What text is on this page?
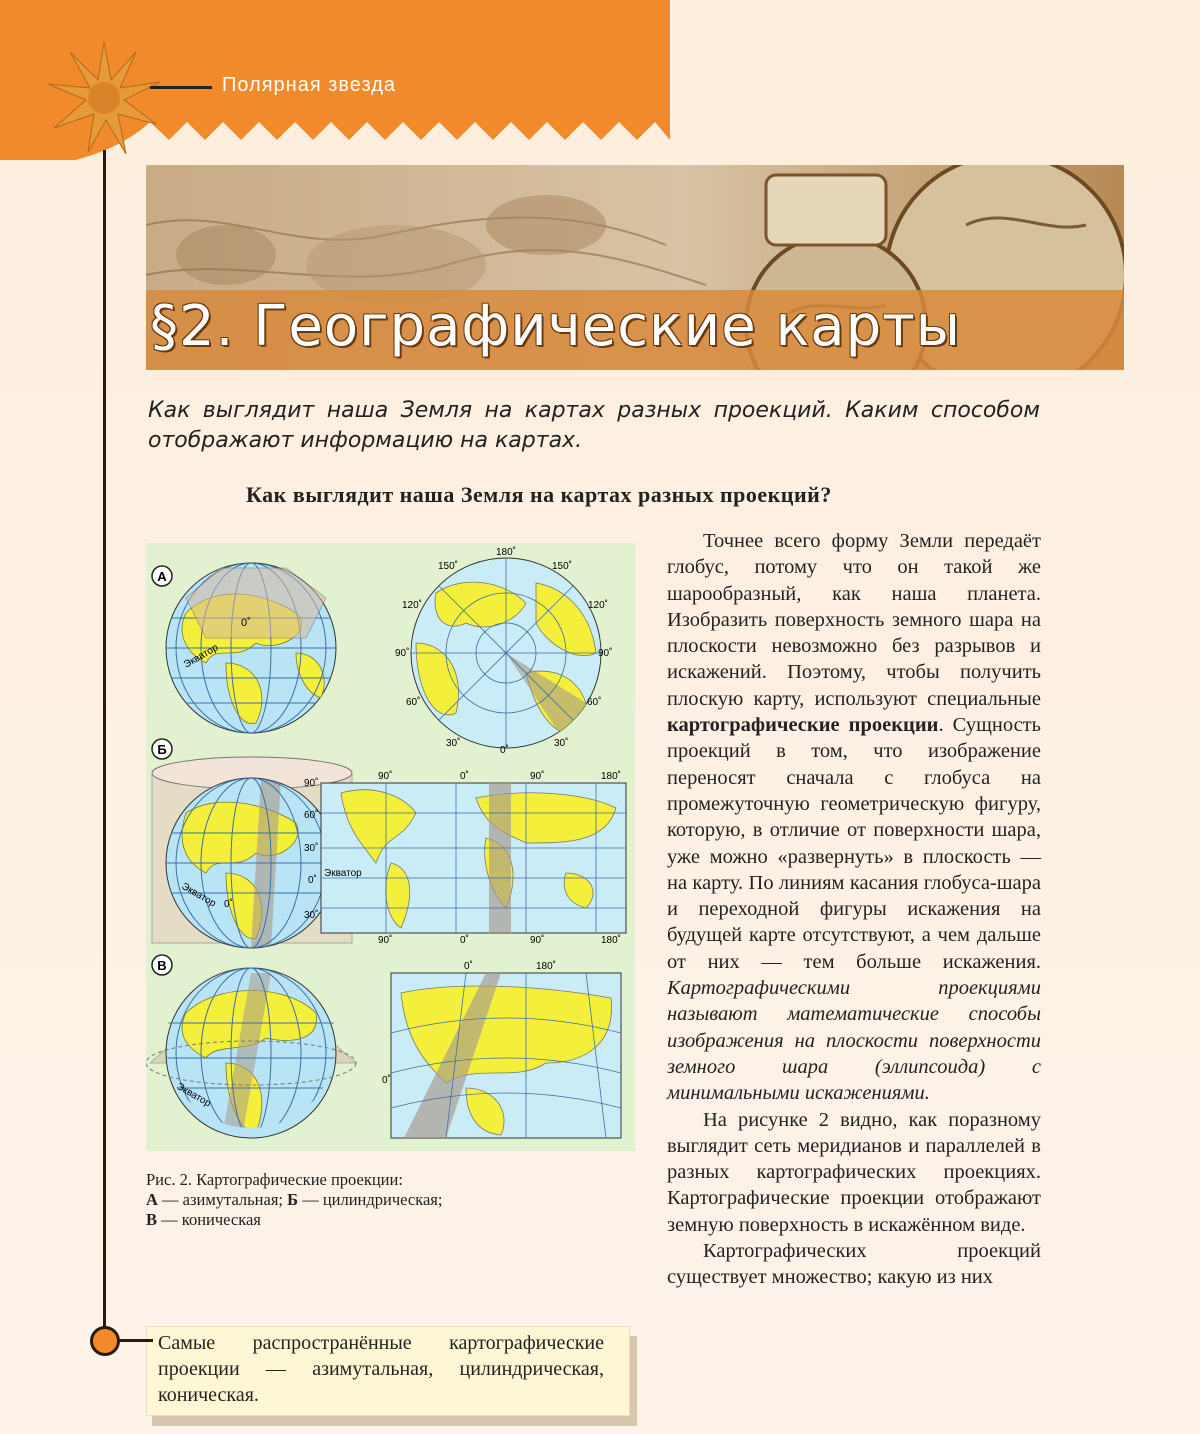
Полярная звезда
§2. Географические карты
Как выглядит наша Земля на картах разных проекций. Каким способом отображают информацию на картах.
Как выглядит наша Земля на картах разных проекций?
А
0˚
Экватор
180˚
150˚	150˚
120˚	120˚
90˚	90˚
60˚	60˚
30˚	30˚
0˚
Б
Экватор 0˚
90˚	0˚	90˚	180˚
90˚
60˚
30˚
0˚
30˚
Экватор
90˚	0˚	90˚	180˚
В
Экватор
0˚	180˚
0˚
Рис. 2. Картографические проекции:
А — азимутальная; Б — цилиндрическая;
В — коническая
Самые распространённые картографические проекции — азимутальная, цилиндрическая, коническая.

Точнее всего форму Земли передаёт глобус, потому что он такой же шарообразный, как наша планета. Изобразить поверхность земного шара на плоскости невозможно без разрывов и искажений. Поэтому, чтобы получить плоскую карту, используют специальные картографические проекции. Сущность проекций в том, что изображение переносят сначала с глобуса на промежуточную геометрическую фигуру, которую, в отличие от поверхности шара, уже можно «развернуть» в плоскость — на карту. По линиям касания глобуса-шара и переходной фигуры искажения на будущей карте отсутствуют, а чем дальше от них — тем больше искажения. Картографическими проекциями называют математические способы изображения на плоскости поверхности земного шара (эллипсоида) с минимальными искажениями.

На рисунке 2 видно, как поразному выглядит сеть меридианов и параллелей в разных картографических проекциях. Картографические проекции отображают земную поверхность в искажённом виде.

Картографических проекций существует множество; какую из них
